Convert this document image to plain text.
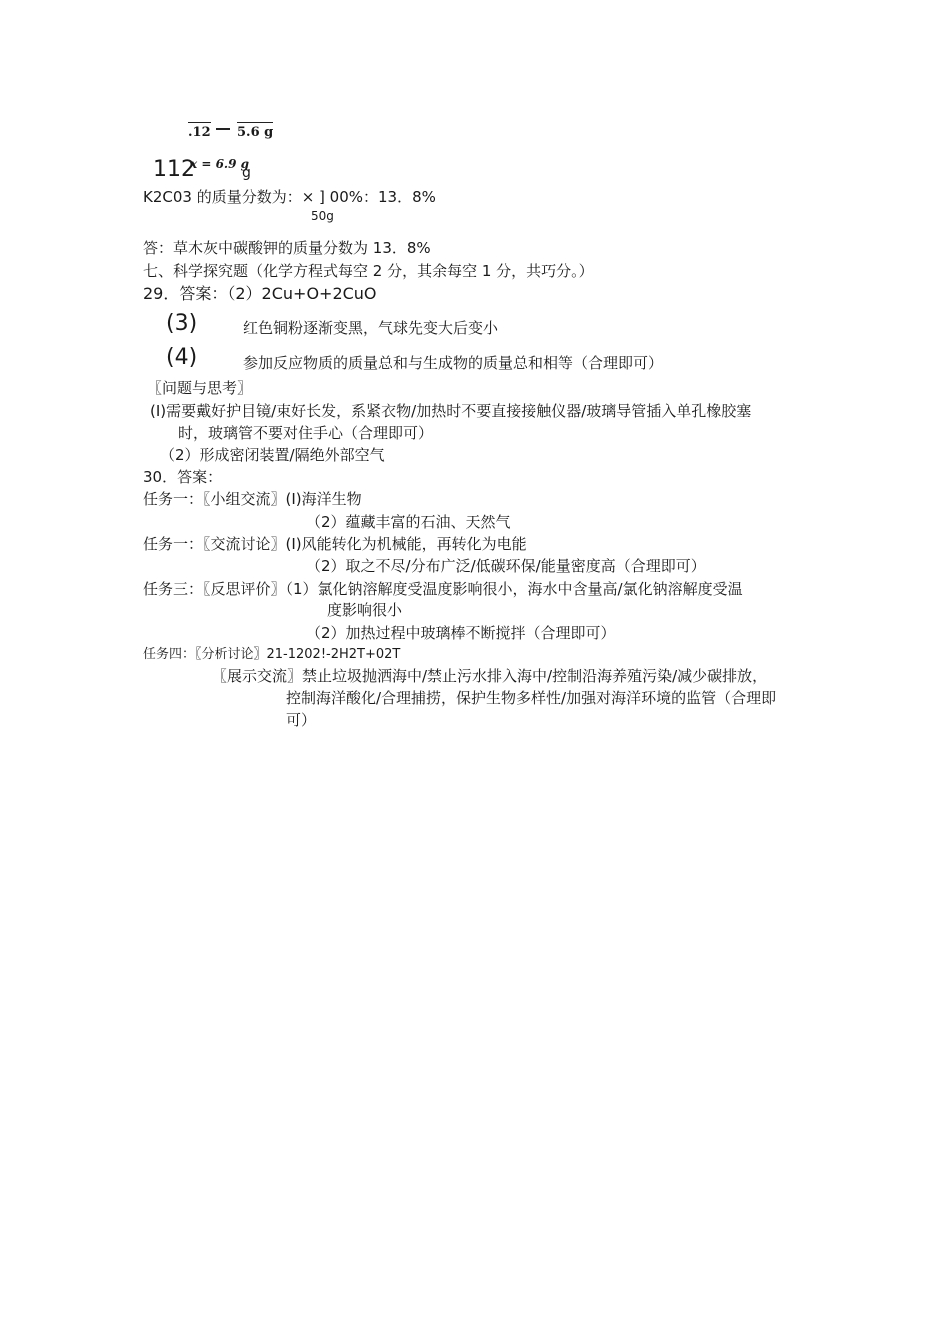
.12 5.6 g
112
x = 6.9 g
g
K2C03 的质量分数为：× ] 00%：13．8%
50g
答：草木灰中碳酸钾的质量分数为 13．8%
七、科学探究题（化学方程式每空 2 分，其余每空 1 分，共巧分。）
29．答案：（2）2Cu+O+2CuO
(3)	红色铜粉逐渐变黑，气球先变大后变小
(4)	参加反应物质的质量总和与生成物的质量总和相等（合理即可）
〖问题与思考〗
(Ⅰ)需要戴好护目镜/束好长发，系紧衣物/加热时不要直接接触仪器/玻璃导管插入单孔橡胶塞
时，玻璃管不要对住手心（合理即可）
（2）形成密闭装置/隔绝外部空气
30．答案：
任务一：〖小组交流〗(Ⅰ)海洋生物
（2）蕴藏丰富的石油、天然气
任务一：〖交流讨论〗(Ⅰ)风能转化为机械能，再转化为电能
（2）取之不尽/分布广泛/低碳环保/能量密度高（合理即可）
任务三：〖反思评价〗（1）氯化钠溶解度受温度影响很小，海水中含量高/氯化钠溶解度受温
度影响很小
（2）加热过程中玻璃棒不断搅拌（合理即可）
任务四：〖分析讨论〗21-1202!-2H2T+02T
〖展示交流〗禁止垃圾抛洒海中/禁止污水排入海中/控制沿海养殖污染/减少碳排放，
控制海洋酸化/合理捕捞，保护生物多样性/加强对海洋环境的监管（合理即
可）
